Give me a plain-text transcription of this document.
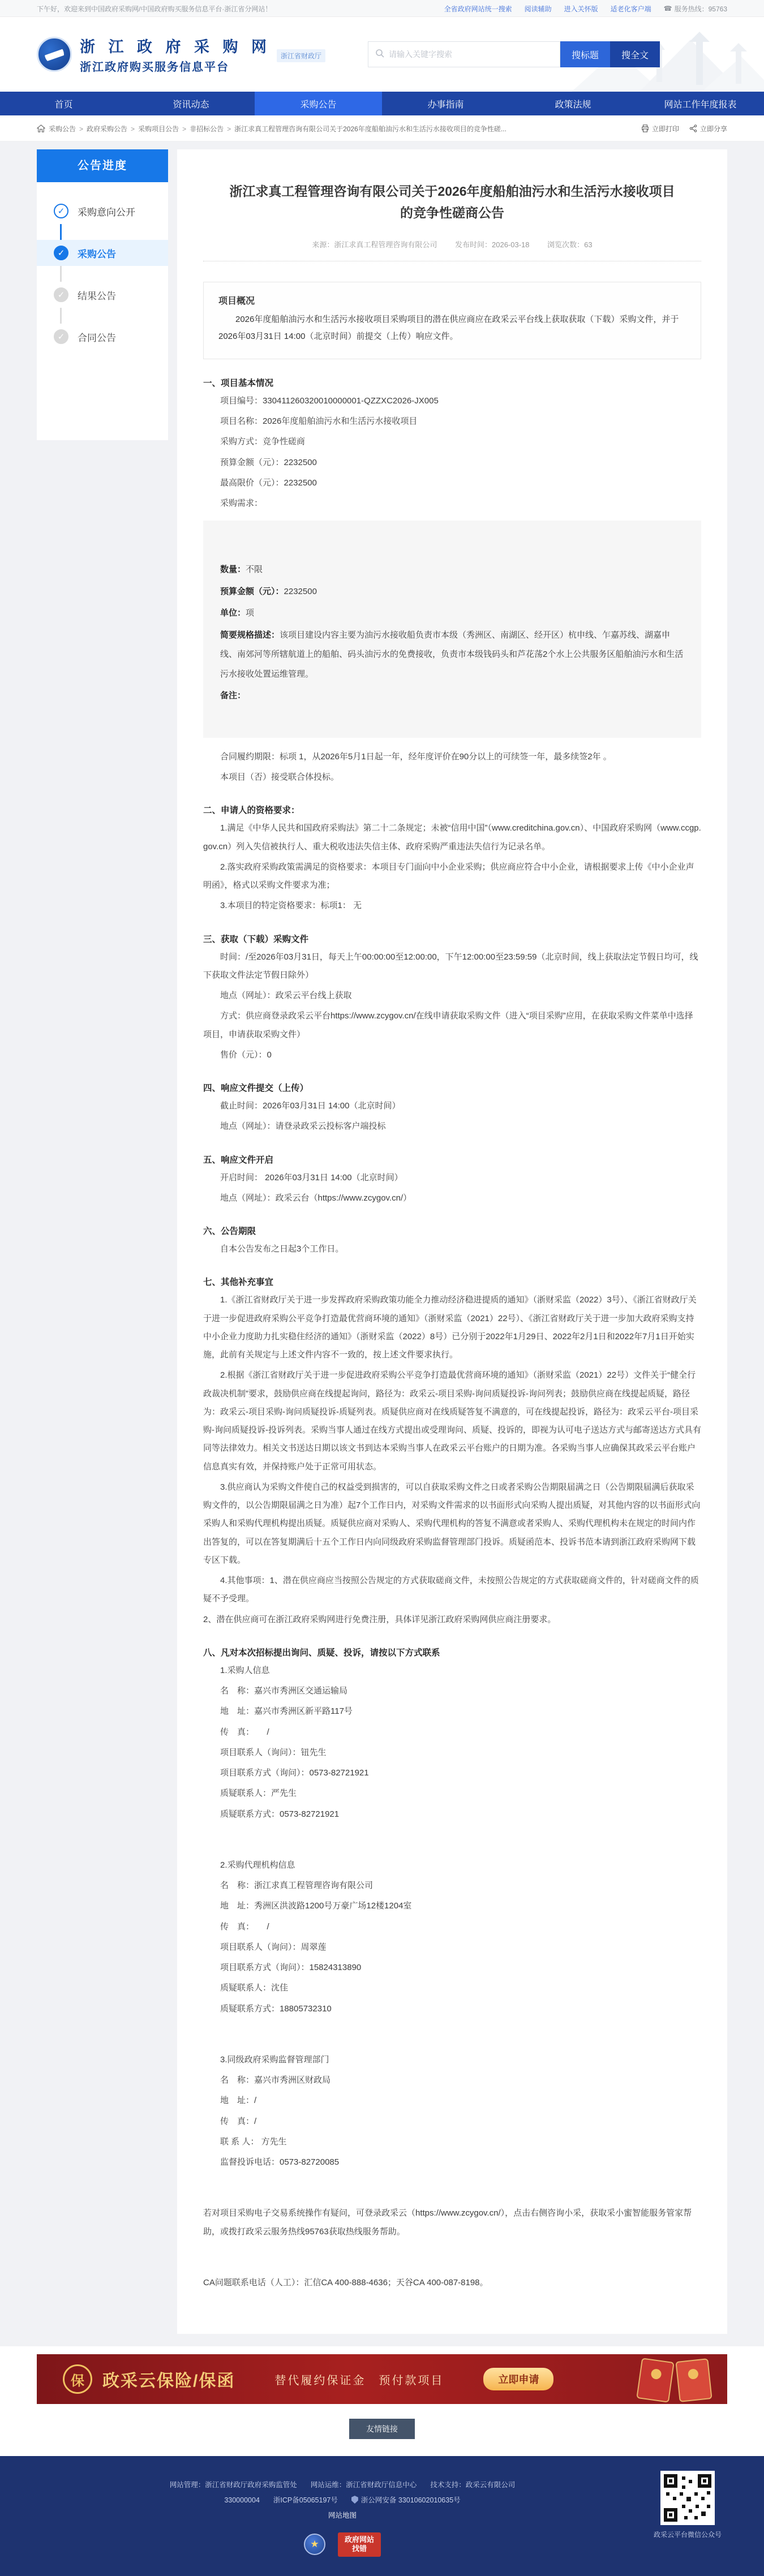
下午好，欢迎来到中国政府采购网/中国政府购买服务信息平台·浙江省分网站！	全省政府网站统一搜索 阅读辅助 进入关怀版 适老化客户端 ☎ 服务热线：95763
浙 江 政 府 采 购 网
浙江政府购买服务信息平台
浙江省财政厅
请输入关键字搜索	搜标题	搜全文
首页	资讯动态	采购公告	办事指南	政策法规	网站工作年度报表
采购公告 > 政府采购公告 > 采购项目公告 > 非招标公告 > 浙江求真工程管理咨询有限公司关于2026年度船舶油污水和生活污水接收项目的竞争性磋...	立即打印	立即分享
公告进度
✓	采购意向公开
✓	采购公告
✓	结果公告
✓	合同公告
浙江求真工程管理咨询有限公司关于2026年度船舶油污水和生活污水接收项目的竞争性磋商公告
来源：浙江求真工程管理咨询有限公司 发布时间：2026-03-18 浏览次数：63
项目概况

2026年度船舶油污水和生活污水接收项目采购项目的潜在供应商应在政采云平台线上获取获取（下载）采购文件，并于2026年03月31日 14:00（北京时间）前提交（上传）响应文件。

一、项目基本情况

项目编号：330411260320010000001-QZZXC2026-JX005

项目名称：2026年度船舶油污水和生活污水接收项目

采购方式：竞争性磋商

预算金额（元）：2232500

最高限价（元）：2232500

采购需求：

数量：不限

预算金额（元）：2232500

单位：项

简要规格描述：该项目建设内容主要为油污水接收船负责市本级（秀洲区、南湖区、经开区）杭申线、乍嘉苏线、湖嘉申线、南郊河等所辖航道上的船舶、码头油污水的免费接收，负责市本级钱码头和芦花荡2个水上公共服务区船舶油污水和生活污水接收处置运维管理。

备注：

合同履约期限：标项 1，从2026年5月1日起一年，经年度评价在90分以上的可续签一年，最多续签2年 。

本项目（否）接受联合体投标。

二、申请人的资格要求：

1.满足《中华人民共和国政府采购法》第二十二条规定；未被“信用中国”（www.creditchina.gov.cn）、中国政府采购网（www.ccgp.gov.cn）列入失信被执行人、重大税收违法失信主体、政府采购严重违法失信行为记录名单。

2.落实政府采购政策需满足的资格要求：本项目专门面向中小企业采购；供应商应符合中小企业，请根据要求上传《中小企业声明函》，格式以采购文件要求为准；

3.本项目的特定资格要求：标项1： 无

三、获取（下载）采购文件

时间：/至2026年03月31日，每天上午00:00:00至12:00:00，下午12:00:00至23:59:59（北京时间，线上获取法定节假日均可，线下获取文件法定节假日除外）

地点（网址）：政采云平台线上获取

方式：供应商登录政采云平台https://www.zcygov.cn/在线申请获取采购文件（进入“项目采购”应用，在获取采购文件菜单中选择项目，申请获取采购文件）

售价（元）：0

四、响应文件提交（上传）

截止时间：2026年03月31日 14:00（北京时间）

地点（网址）：请登录政采云投标客户端投标

五、响应文件开启

开启时间： 2026年03月31日 14:00（北京时间）

地点（网址）：政采云台（https://www.zcygov.cn/）

六、公告期限

自本公告发布之日起3个工作日。

七、其他补充事宜

1.《浙江省财政厅关于进一步发挥政府采购政策功能全力推动经济稳进提质的通知》（浙财采监（2022）3号）、《浙江省财政厅关于进一步促进政府采购公平竞争打造最优营商环境的通知》（浙财采监（2021）22号）、《浙江省财政厅关于进一步加大政府采购支持中小企业力度助力扎实稳住经济的通知》（浙财采监（2022）8号）已分别于2022年1月29日、2022年2月1日和2022年7月1日开始实施，此前有关规定与上述文件内容不一致的，按上述文件要求执行。

2.根据《浙江省财政厅关于进一步促进政府采购公平竞争打造最优营商环境的通知》（浙财采监（2021）22号）文件关于“健全行政裁决机制”要求，鼓励供应商在线提起询问，路径为：政采云-项目采购-询问质疑投诉-询问列表；鼓励供应商在线提起质疑，路径为：政采云-项目采购-询问质疑投诉-质疑列表。质疑供应商对在线质疑答复不满意的，可在线提起投诉，路径为：政采云平台-项目采购-询问质疑投诉-投诉列表。采购当事人通过在线方式提出或受理询问、质疑、投诉的，即视为认可电子送达方式与邮寄送达方式具有同等法律效力。相关文书送达日期以该文书到达本采购当事人在政采云平台账户的日期为准。各采购当事人应确保其政采云平台账户信息真实有效，并保持账户处于正常可用状态。

3.供应商认为采购文件使自己的权益受到损害的，可以自获取采购文件之日或者采购公告期限届满之日（公告期限届满后获取采购文件的，以公告期限届满之日为准）起7个工作日内，对采购文件需求的以书面形式向采购人提出质疑，对其他内容的以书面形式向采购人和采购代理机构提出质疑。质疑供应商对采购人、采购代理机构的答复不满意或者采购人、采购代理机构未在规定的时间内作出答复的，可以在答复期满后十五个工作日内向同级政府采购监督管理部门投诉。质疑函范本、投诉书范本请到浙江政府采购网下载专区下载。

4.其他事项：1、潜在供应商应当按照公告规定的方式获取磋商文件，未按照公告规定的方式获取磋商文件的，针对磋商文件的质疑不予受理。

2、潜在供应商可在浙江政府采购网进行免费注册，具体详见浙江政府采购网供应商注册要求。

八、凡对本次招标提出询问、质疑、投诉，请按以下方式联系

1.采购人信息

名　称：嘉兴市秀洲区交通运输局

地　址：嘉兴市秀洲区新平路117号

传　真：　　/

项目联系人（询问）：钮先生

项目联系方式（询问）：0573-82721921

质疑联系人：严先生

质疑联系方式：0573-82721921

2.采购代理机构信息

名　称：浙江求真工程管理咨询有限公司

地　址：秀洲区洪波路1200号万豪广场12楼1204室

传　真：　　/

项目联系人（询问）：周翠莲

项目联系方式（询问）：15824313890

质疑联系人：沈佳

质疑联系方式：18805732310

3.同级政府采购监督管理部门

名　称：嘉兴市秀洲区财政局

地　址：/

传　真：/

联 系 人： 方先生

监督投诉电话：0573-82720085

若对项目采购电子交易系统操作有疑问，可登录政采云（https://www.zcygov.cn/），点击右侧咨询小采，获取采小蜜智能服务管家帮助，或拨打政采云服务热线95763获取热线服务帮助。

CA问题联系电话（人工）：汇信CA 400-888-4636；天谷CA 400-087-8198。

保	政采云保险/保函	替代履约保证金　预付款项目	立即申请
友情链接
网站管理：浙江省财政厅政府采购监管处 网站运维：浙江省财政厅信息中心 技术支持：政采云有限公司
330000004 浙ICP备05065197号	浙公网安备 33010602010635号
网站地图
★	政府网站
找错
政采云平台微信公众号
